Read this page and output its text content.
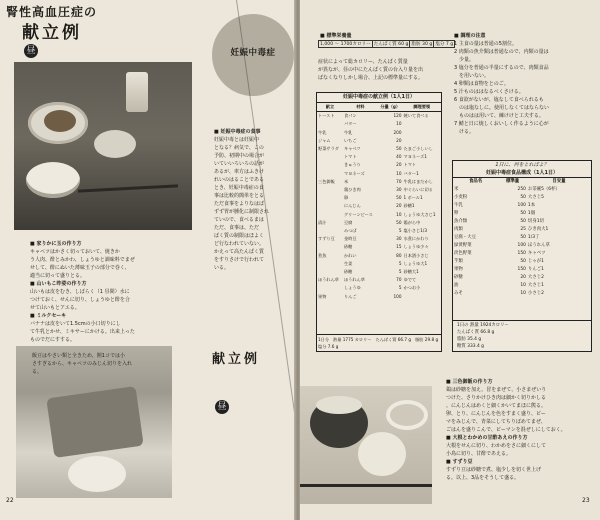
腎性高血圧症の
献立例
昼
■ 家りかに玉の作り方
キャベツはかさく切っておいて、焼きか
う人肉、酢とみかわ、しょうゆと調味料でまぜ
せして、酢にぬいた薄味玉子の部分で巻く、
適当に切って盛りとる。
■ 山いもこ昨姿の作り方
山いもは皮をむき、しばらく（1 昼間）水に
つけておく、せんに切り、しょうゆと酢を合
せて山いもとアエる。
■ ミルクセーキ
バナナは皮をいて1.5cmの小口切りにし
て牛乳とかせ、ミキサーにかける。出来上った
ものでだにすする。
飯豆はやさい類と全きため、開1コでは小
さすぎるから、キャベツのみじん切りを入れ
る。
妊娠中毒症
■ 妊娠中毒症の食事
妊娠中毒とは妊娠中
となる？病気で、この
予防、初期中の場合が
いていいろいろの話が
あるが、車方はふきけ
れいのはることである
とき、妊娠中毒症の食
事は比較的簡単をとる
ただ食事をよりなはば
ずず胃が腫化に制限され
ていので、食べるまは
ただ、食事は、ただ
ばく質の制限はほよく
ど行なわれていない。
かえって高たんぱく質
をすりさけで行われて
いる。
献立例
昼
22
■ 標準栄養量
1,000 〜 1700カロリー	たんぱく質 60 g	脂肪 30 g	塩分 7 g
症状によって総カロリー、たんぱく質量
が異なが、昼の中にたんぱく質の台入り量を出
ばなくなりしかし場合、上記の標準量にする。
妊娠中毒症の献立例（1人1日）
献立	材料	分量（g）	調理要領
トースト	食パン	120	焼いて食べる
	バター	10	
牛乳	牛乳	200	
ジャム	いちご	20	
野菜サラダ	キャベツ	50	たまご小しいし
	トマト	40	マヨネーズ1
	きゅうり	20	トマト
	マヨネーズ	10	バター1
三色御飯	米	70	牛乳はまだかし
	鶏ひき肉	30	中ぐらいに切る
	卵	50	1 ボール1
	にんじん	20	砂糖1
	グリーンピース	10	しょうゆ大さじ1
清汁	豆腐	50	鶏がら中
	みつば	5	塩小さじ1/3
すずり豆	金時豆	30	水煮にかわり
	砂糖	15	しょうゆ少々
煮魚	かれい	80	日本酒小さじ
	生姜	5	しょうゆ大1
	砂糖	5	砂糖大1
ほうれん草	ほうれん草	70	ゆでて
	しょうゆ	5	かつお小
果物	りんご	100	
1日分 熱量 1775 カロリー たんぱく質 66.7 g 脂肪 29.8 g
塩分 7.6 g
■ 調理の注意
1 主食の量は普通の5割位。
2 肉類の魚介類は普通なので、内類の量は
　少量。
3 塩分を普通の半量にするので、肉類食品
　を用いない。
4 卵類は食物をとのご。
5 汁ものははなるべくさける。
6 食欲がないが、塩なして食べられるも
　のは塩なしに。使用しなくてはならない
　ものはは用いて、練けけと工夫する。
7 鯖と日に焼しくおいしく作るように心が
　ける。
1日に、何をとればよ？
妊娠中毒症食品構成（1人1日）
食品名	標準量	目安量
米	250	お茶碗5（6杯）
小麦粉	50	大さじ5
牛乳	100	1本
卵	50	1個
魚介類	50	切身1切
肉類	25	ひき肉大1
豆腐・大豆	50	1/3丁
緑黄野菜	100	ほうれん草
淡色野菜	150	キャベツ
芋類	50	じゃが1
果物	150	りんご1
砂糖	20	大さじ2
油	10	大さじ1
みそ	10	小さじ2
1日の 熱量 1924カロリー
たんぱく質 66.8 g
脂肪 35.4 g
糖質 333.4 g
■ 三色御飯の作り方
鶏は砂糖を加え、冒をまぜて、小さまぜいり
つけた、さりかけひき肉は細かく切りかしる
。にんじんはめくと細くかいてまほに熊る。
卵、とり、にんじんを色をすまく盛り、ピー
マをみじんで、青菜にしてちりばめてまぜ、
ごはんを盛りこんで、ピーマンを混ぜしにしておく。
■ 大根とわかめの甘酢あえの作り方
大根をせんに切り、わかめをさに細くにして
小鳥に切り、甘酢であえる。
■ すずり豆
すずり豆は砂糖で煮、塩少しを切く世上げ
る。以上、3品をそうして盛る。
23
